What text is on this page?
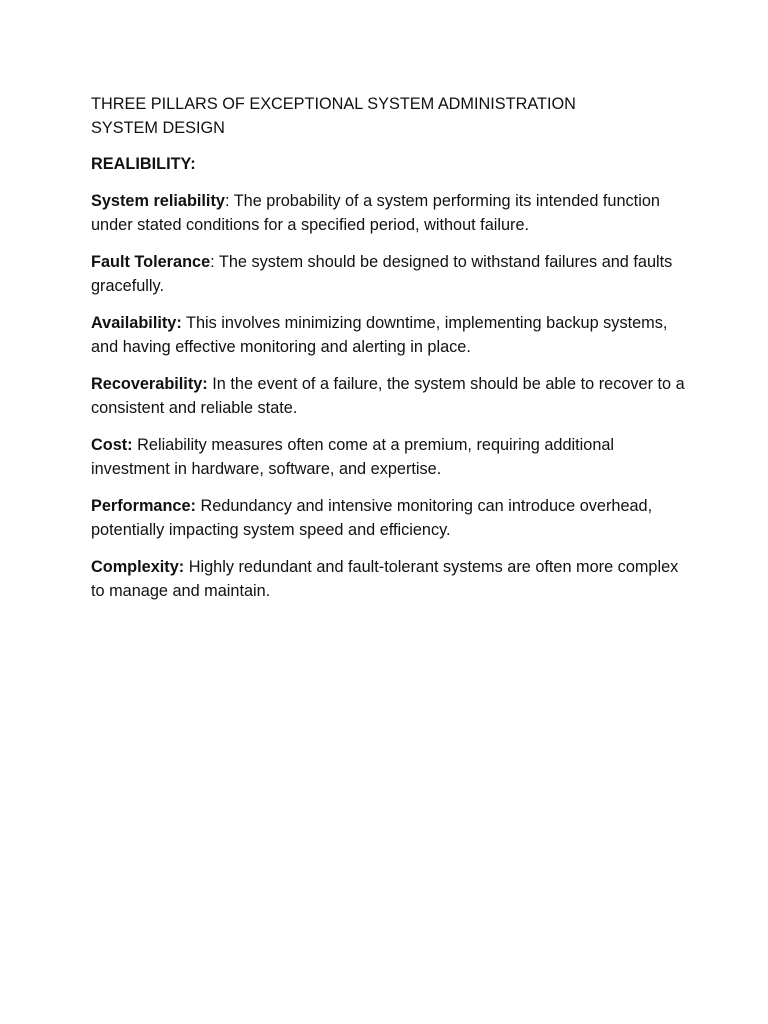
THREE PILLARS OF EXCEPTIONAL SYSTEM ADMINISTRATION
SYSTEM DESIGN

REALIBILITY:

System reliability: The probability of a system performing its intended function under stated conditions for a specified period, without failure.

Fault Tolerance: The system should be designed to withstand failures and faults gracefully.

Availability: This involves minimizing downtime, implementing backup systems, and having effective monitoring and alerting in place.

Recoverability: In the event of a failure, the system should be able to recover to a consistent and reliable state.

Cost: Reliability measures often come at a premium, requiring additional investment in hardware, software, and expertise.

Performance: Redundancy and intensive monitoring can introduce overhead, potentially impacting system speed and efficiency.

Complexity: Highly redundant and fault-tolerant systems are often more complex to manage and maintain.
